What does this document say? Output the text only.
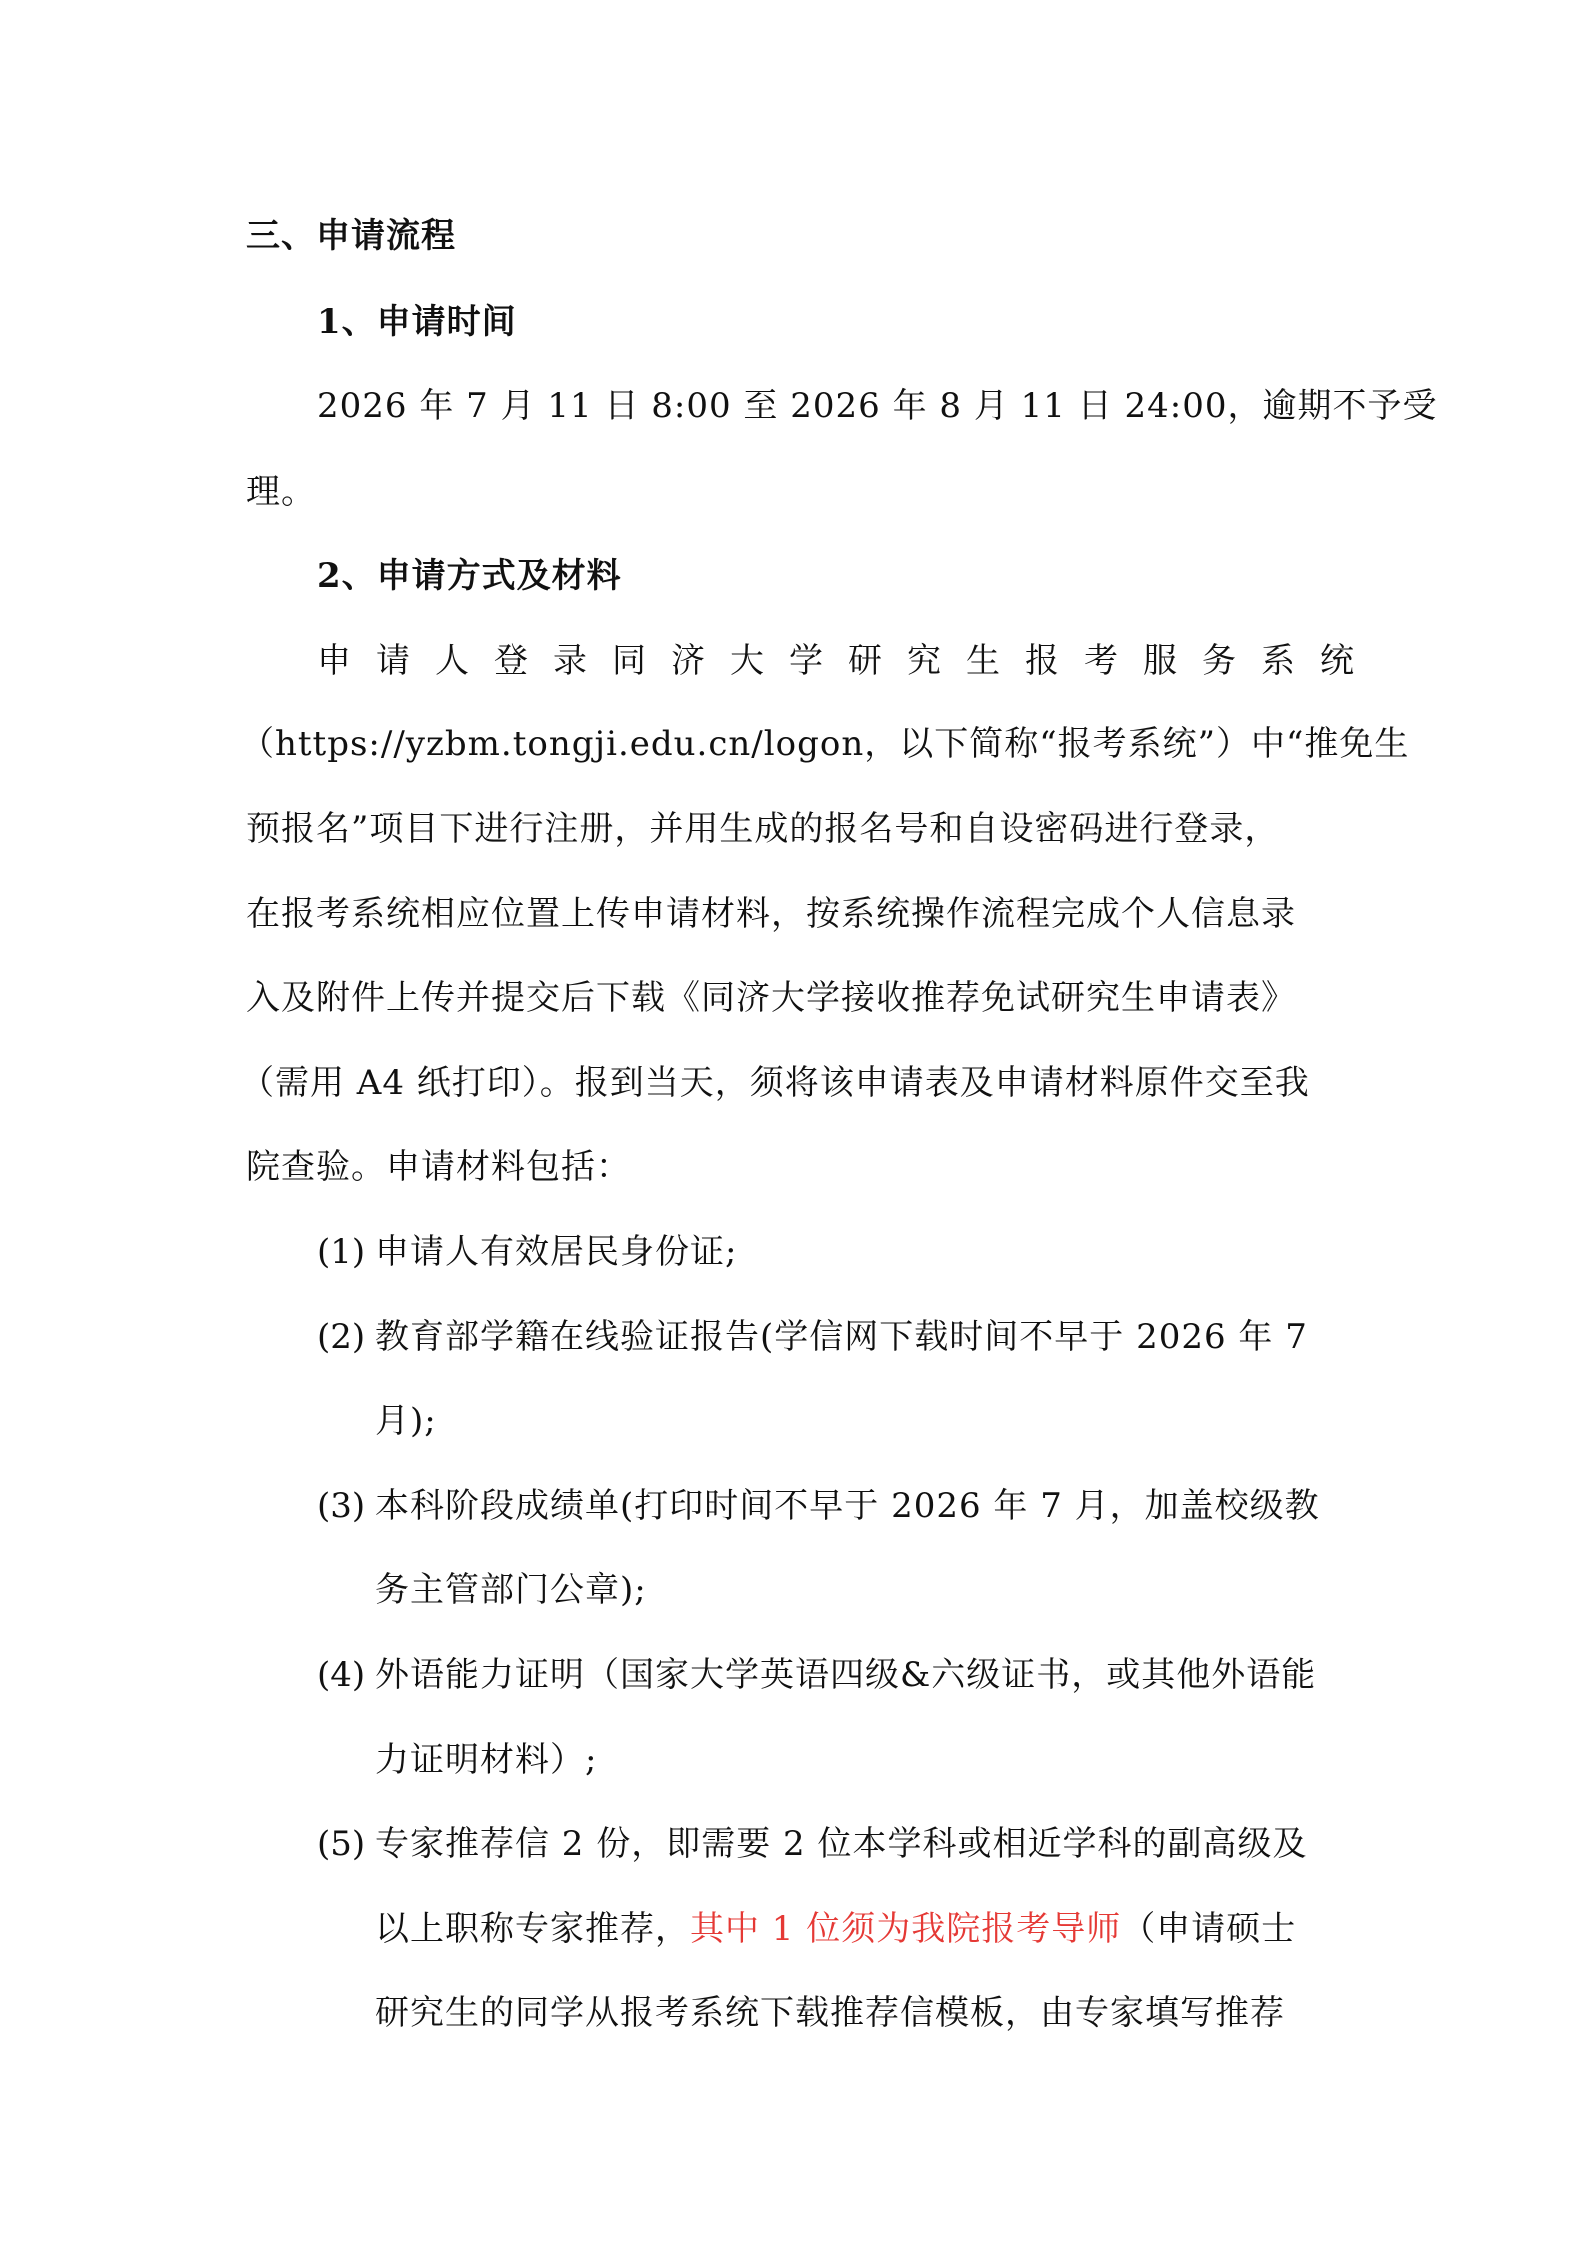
三、申请流程
1、申请时间
2026 年 7 月 11 日 8:00 至 2026 年 8 月 11 日 24:00，逾期不予受
理。
2、申请方式及材料
申 请 人 登 录 同 济 大 学 研 究 生 报 考 服 务 系 统
（https://yzbm.tongji.edu.cn/logon，以下简称“报考系统”）中“推免生
预报名”项目下进行注册，并用生成的报名号和自设密码进行登录，
在报考系统相应位置上传申请材料，按系统操作流程完成个人信息录
入及附件上传并提交后下载《同济大学接收推荐免试研究生申请表》
（需用 A4 纸打印）。报到当天，须将该申请表及申请材料原件交至我
院查验。申请材料包括：
(1) 申请人有效居民身份证;
(2) 教育部学籍在线验证报告(学信网下载时间不早于 2026 年 7
月);
(3) 本科阶段成绩单(打印时间不早于 2026 年 7 月，加盖校级教
务主管部门公章);
(4) 外语能力证明（国家大学英语四级&六级证书，或其他外语能
力证明材料）;
(5) 专家推荐信 2 份，即需要 2 位本学科或相近学科的副高级及
以上职称专家推荐，其中 1 位须为我院报考导师（申请硕士
研究生的同学从报考系统下载推荐信模板，由专家填写推荐
